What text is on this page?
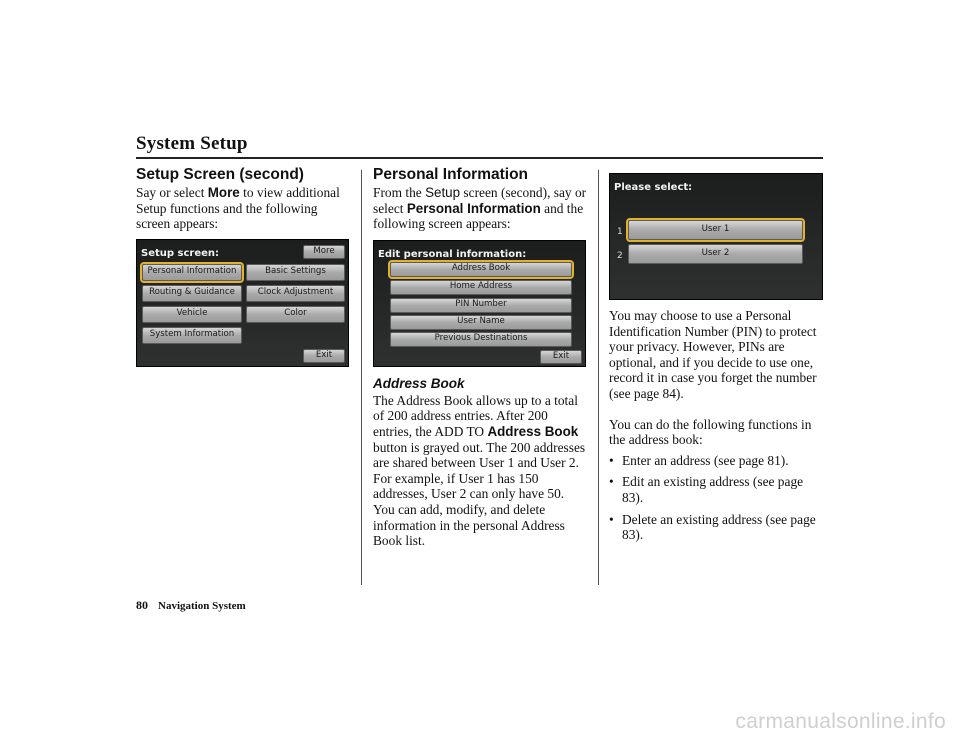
System Setup
Setup Screen (second)

Say or select More to view additional Setup functions and the following screen appears:

Setup screen:	More
Personal Information	Basic Settings
Routing & Guidance	Clock Adjustment
Vehicle	Color
System Information
Exit
Personal Information

From the Setup screen (second), say or select Personal Information and the following screen appears:

Edit personal information:
Address Book
Home Address
PIN Number
User Name
Previous Destinations
Exit
Address Book

The Address Book allows up to a total of 200 address entries. After 200 entries, the ADD TO Address Book button is grayed out. The 200 addresses are shared between User 1 and User 2. For example, if User 1 has 150 addresses, User 2 can only have 50.

You can add, modify, and delete information in the personal Address Book list.

Please select:
1	User 1
2	User 2

You may choose to use a Personal Identification Number (PIN) to protect your privacy. However, PINs are optional, and if you decide to use one, record it in case you forget the number (see page 84).

You can do the following functions in the address book:

• Enter an address (see page 81).
• Edit an existing address (see page 83).
• Delete an existing address (see page 83).
80 Navigation System
carmanualsonline.info
